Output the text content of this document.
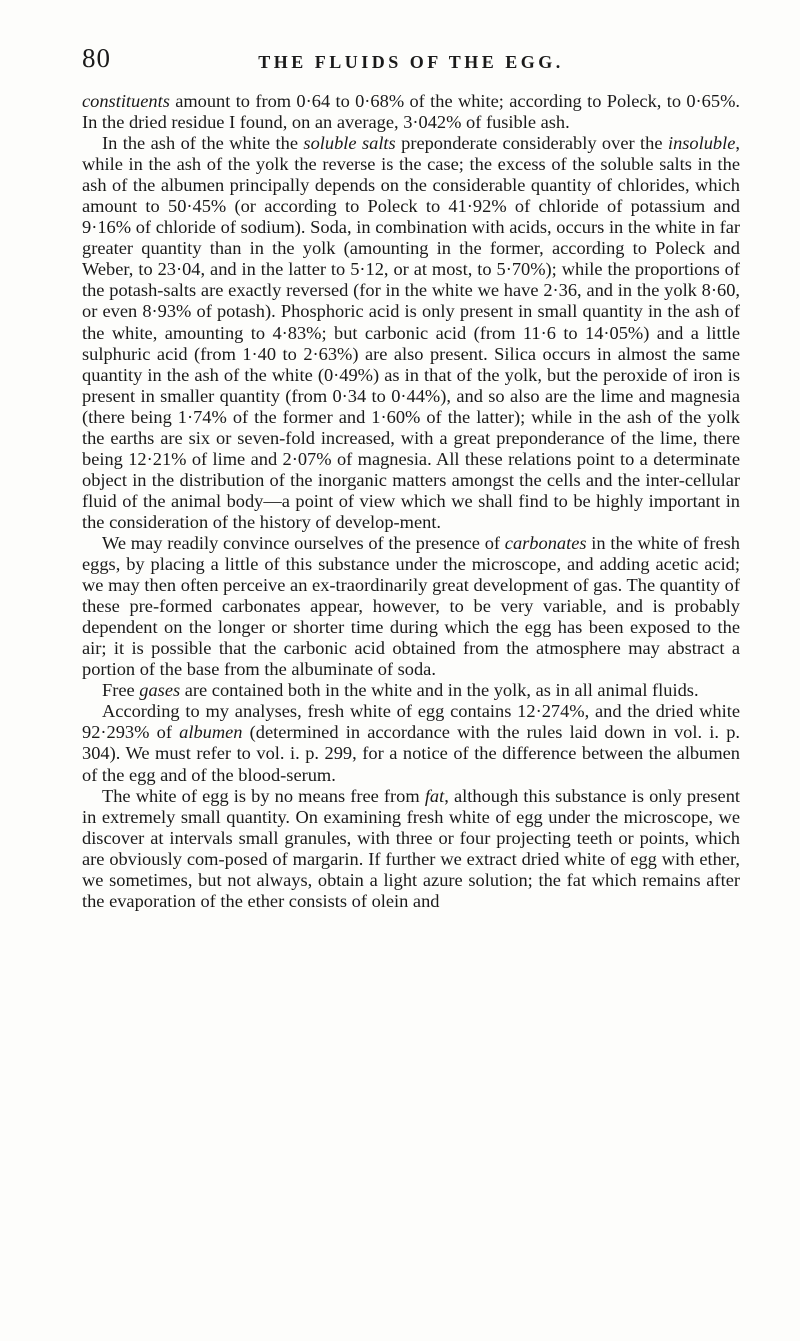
80	THE FLUIDS OF THE EGG.

constituents amount to from 0·64 to 0·68% of the white; according to Poleck, to 0·65%. In the dried residue I found, on an average, 3·042% of fusible ash.

In the ash of the white the soluble salts preponderate considerably over the insoluble, while in the ash of the yolk the reverse is the case; the excess of the soluble salts in the ash of the albumen principally depends on the considerable quantity of chlorides, which amount to 50·45% (or according to Poleck to 41·92% of chloride of potassium and 9·16% of chloride of sodium). Soda, in combination with acids, occurs in the white in far greater quantity than in the yolk (amounting in the former, according to Poleck and Weber, to 23·04, and in the latter to 5·12, or at most, to 5·70%); while the proportions of the potash-salts are exactly reversed (for in the white we have 2·36, and in the yolk 8·60, or even 8·93% of potash). Phosphoric acid is only present in small quantity in the ash of the white, amounting to 4·83%; but carbonic acid (from 11·6 to 14·05%) and a little sulphuric acid (from 1·40 to 2·63%) are also present. Silica occurs in almost the same quantity in the ash of the white (0·49%) as in that of the yolk, but the peroxide of iron is present in smaller quantity (from 0·34 to 0·44%), and so also are the lime and magnesia (there being 1·74% of the former and 1·60% of the latter); while in the ash of the yolk the earths are six or seven-fold increased, with a great preponderance of the lime, there being 12·21% of lime and 2·07% of magnesia. All these relations point to a determinate object in the distribution of the inorganic matters amongst the cells and the inter-cellular fluid of the animal body—a point of view which we shall find to be highly important in the consideration of the history of develop-ment.

We may readily convince ourselves of the presence of carbonates in the white of fresh eggs, by placing a little of this substance under the microscope, and adding acetic acid; we may then often perceive an ex-traordinarily great development of gas. The quantity of these pre-formed carbonates appear, however, to be very variable, and is probably dependent on the longer or shorter time during which the egg has been exposed to the air; it is possible that the carbonic acid obtained from the atmosphere may abstract a portion of the base from the albuminate of soda.

Free gases are contained both in the white and in the yolk, as in all animal fluids.

According to my analyses, fresh white of egg contains 12·274%, and the dried white 92·293% of albumen (determined in accordance with the rules laid down in vol. i. p. 304). We must refer to vol. i. p. 299, for a notice of the difference between the albumen of the egg and of the blood-serum.

The white of egg is by no means free from fat, although this substance is only present in extremely small quantity. On examining fresh white of egg under the microscope, we discover at intervals small granules, with three or four projecting teeth or points, which are obviously com-posed of margarin. If further we extract dried white of egg with ether, we sometimes, but not always, obtain a light azure solution; the fat which remains after the evaporation of the ether consists of olein and
